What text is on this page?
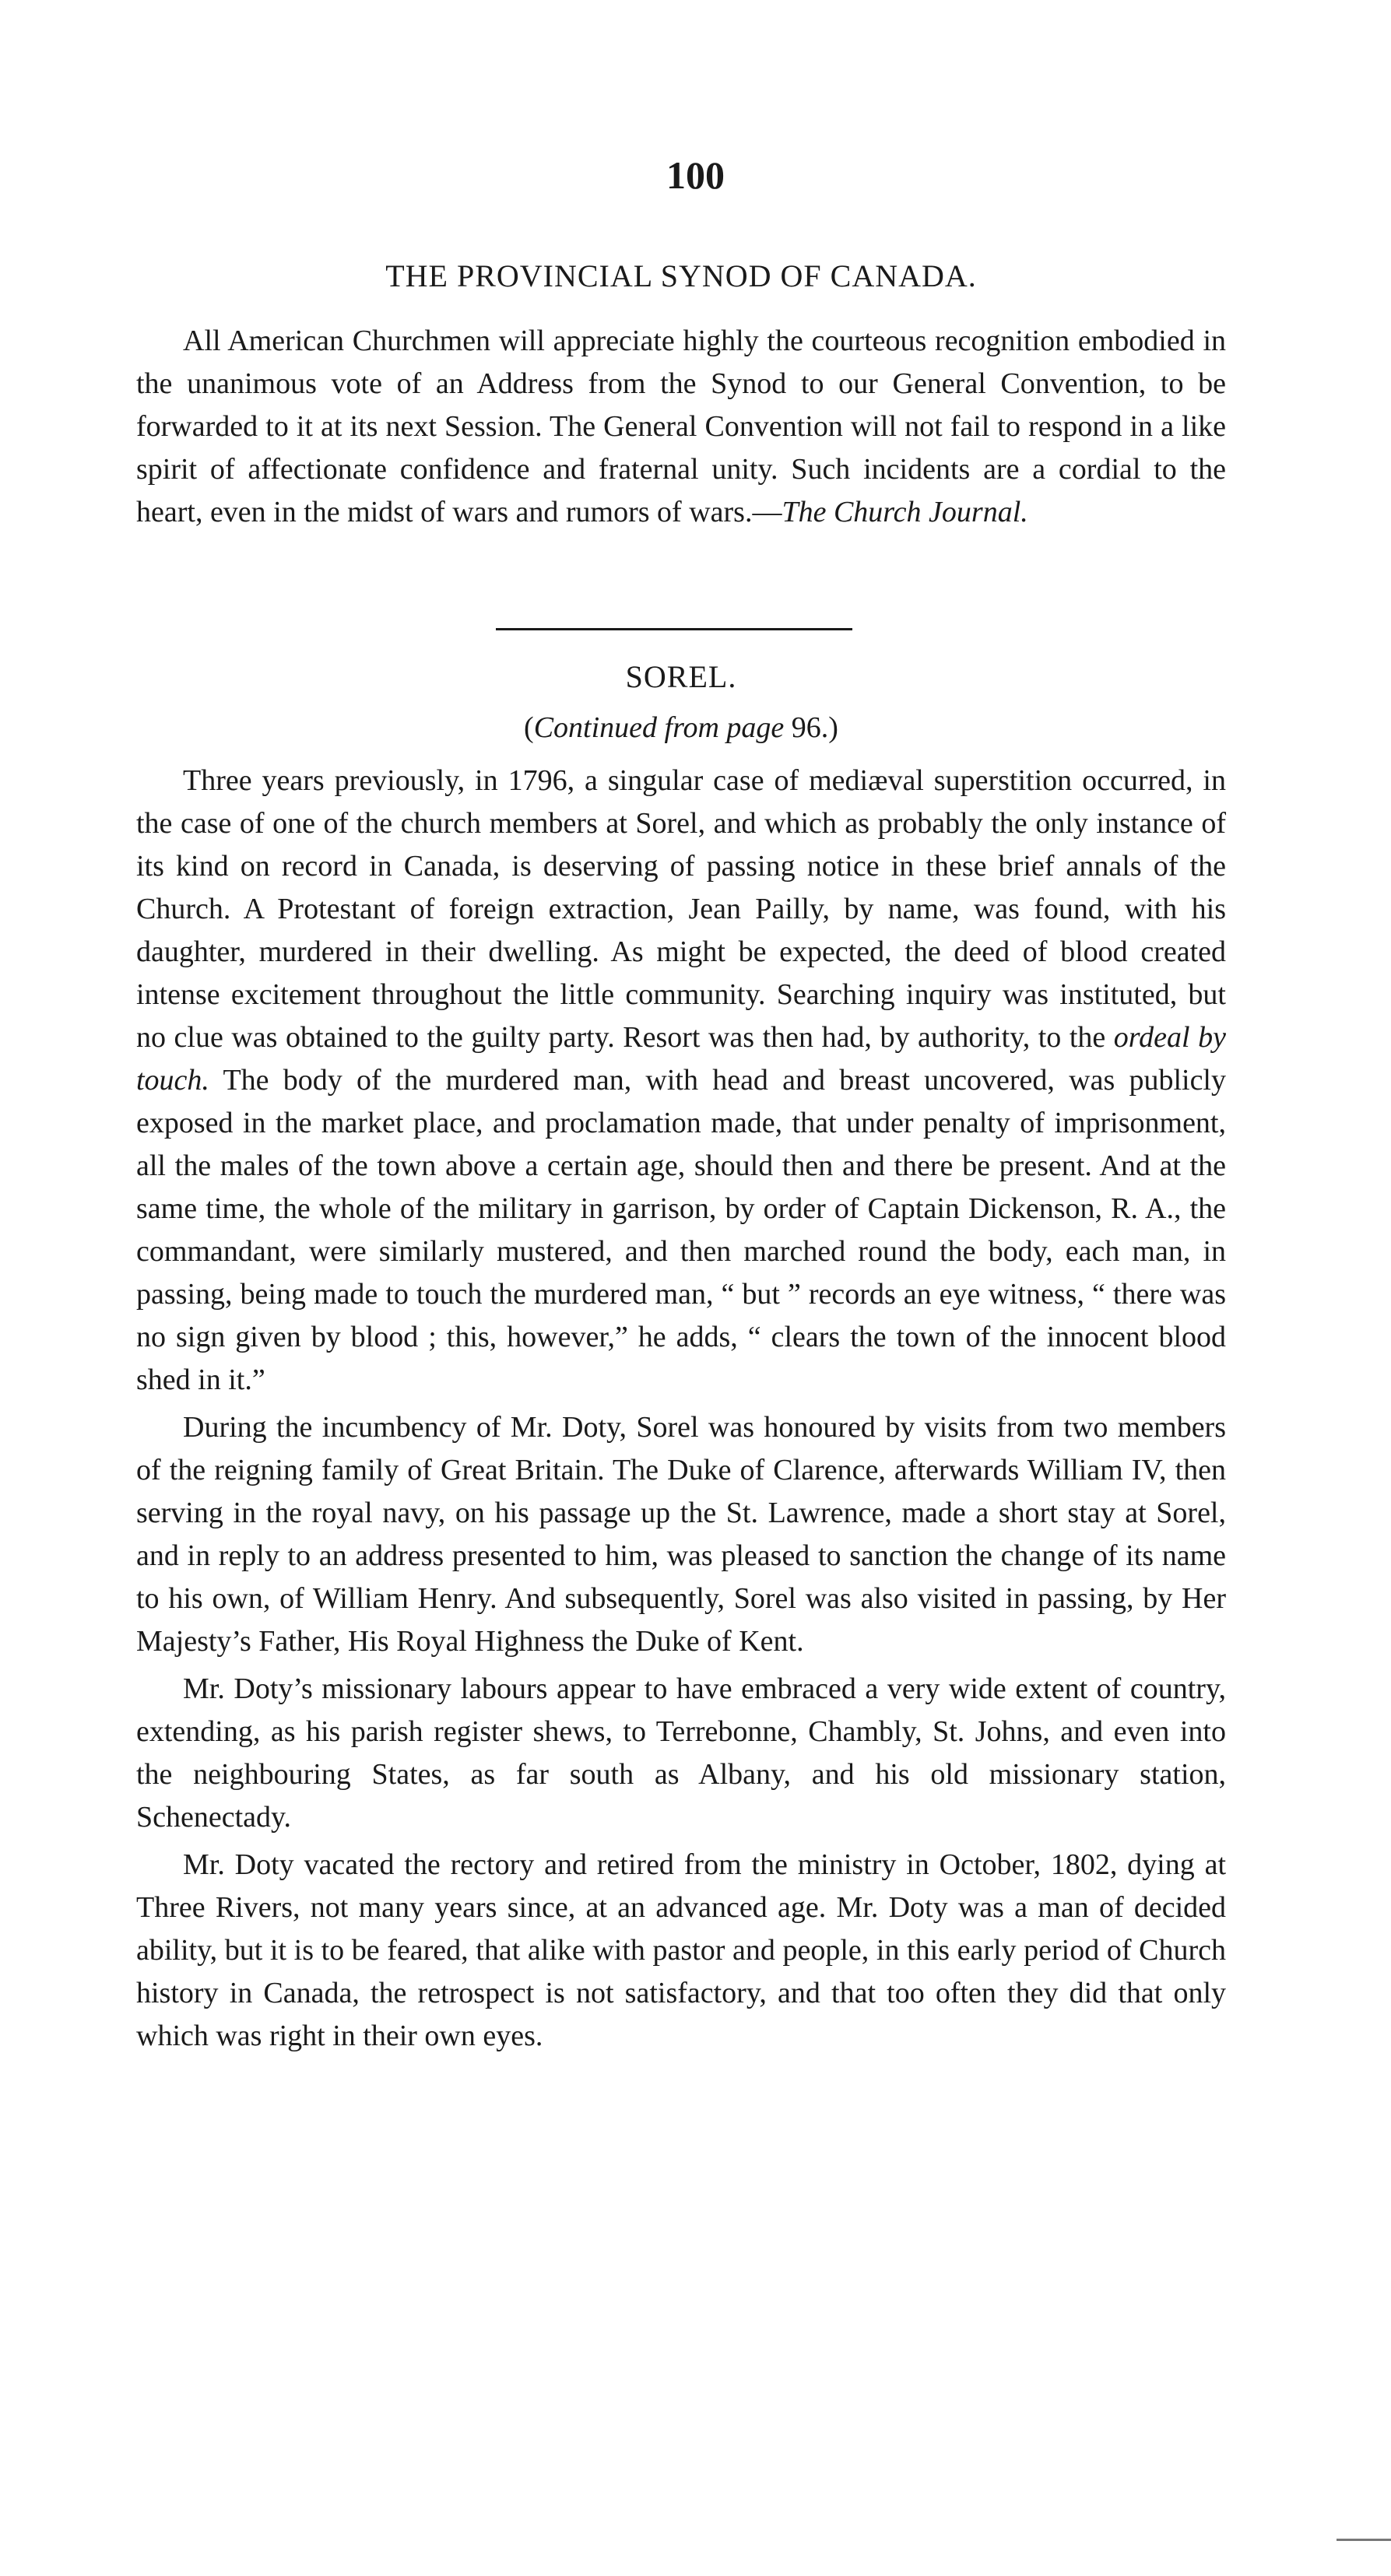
100
THE PROVINCIAL SYNOD OF CANADA.

All American Churchmen will appreciate highly the courteous recognition embodied in the unanimous vote of an Address from the Synod to our General Convention, to be forwarded to it at its next Session. The General Convention will not fail to respond in a like spirit of affectionate confidence and fraternal unity. Such incidents are a cordial to the heart, even in the midst of wars and rumors of wars.—The Church Journal.

SOREL.
(Continued from page 96.)

Three years previously, in 1796, a singular case of mediæval superstition occurred, in the case of one of the church members at Sorel, and which as probably the only instance of its kind on record in Canada, is deserving of passing notice in these brief annals of the Church. A Protestant of foreign extraction, Jean Pailly, by name, was found, with his daughter, murdered in their dwelling. As might be expected, the deed of blood created intense excitement throughout the little community. Searching inquiry was instituted, but no clue was obtained to the guilty party. Resort was then had, by authority, to the ordeal by touch. The body of the murdered man, with head and breast uncovered, was publicly exposed in the market place, and proclamation made, that under penalty of imprisonment, all the males of the town above a certain age, should then and there be present. And at the same time, the whole of the military in garrison, by order of Captain Dickenson, R. A., the commandant, were similarly mustered, and then marched round the body, each man, in passing, being made to touch the murdered man, “ but ” records an eye witness, “ there was no sign given by blood ; this, however,” he adds, “ clears the town of the innocent blood shed in it.”

During the incumbency of Mr. Doty, Sorel was honoured by visits from two members of the reigning family of Great Britain. The Duke of Clarence, afterwards William IV, then serving in the royal navy, on his passage up the St. Lawrence, made a short stay at Sorel, and in reply to an address presented to him, was pleased to sanction the change of its name to his own, of William Henry. And subsequently, Sorel was also visited in passing, by Her Majesty’s Father, His Royal Highness the Duke of Kent.

Mr. Doty’s missionary labours appear to have embraced a very wide extent of country, extending, as his parish register shews, to Terrebonne, Chambly, St. Johns, and even into the neighbouring States, as far south as Albany, and his old missionary station, Schenectady.

Mr. Doty vacated the rectory and retired from the ministry in October, 1802, dying at Three Rivers, not many years since, at an advanced age. Mr. Doty was a man of decided ability, but it is to be feared, that alike with pastor and people, in this early period of Church history in Canada, the retrospect is not satisfactory, and that too often they did that only which was right in their own eyes.
